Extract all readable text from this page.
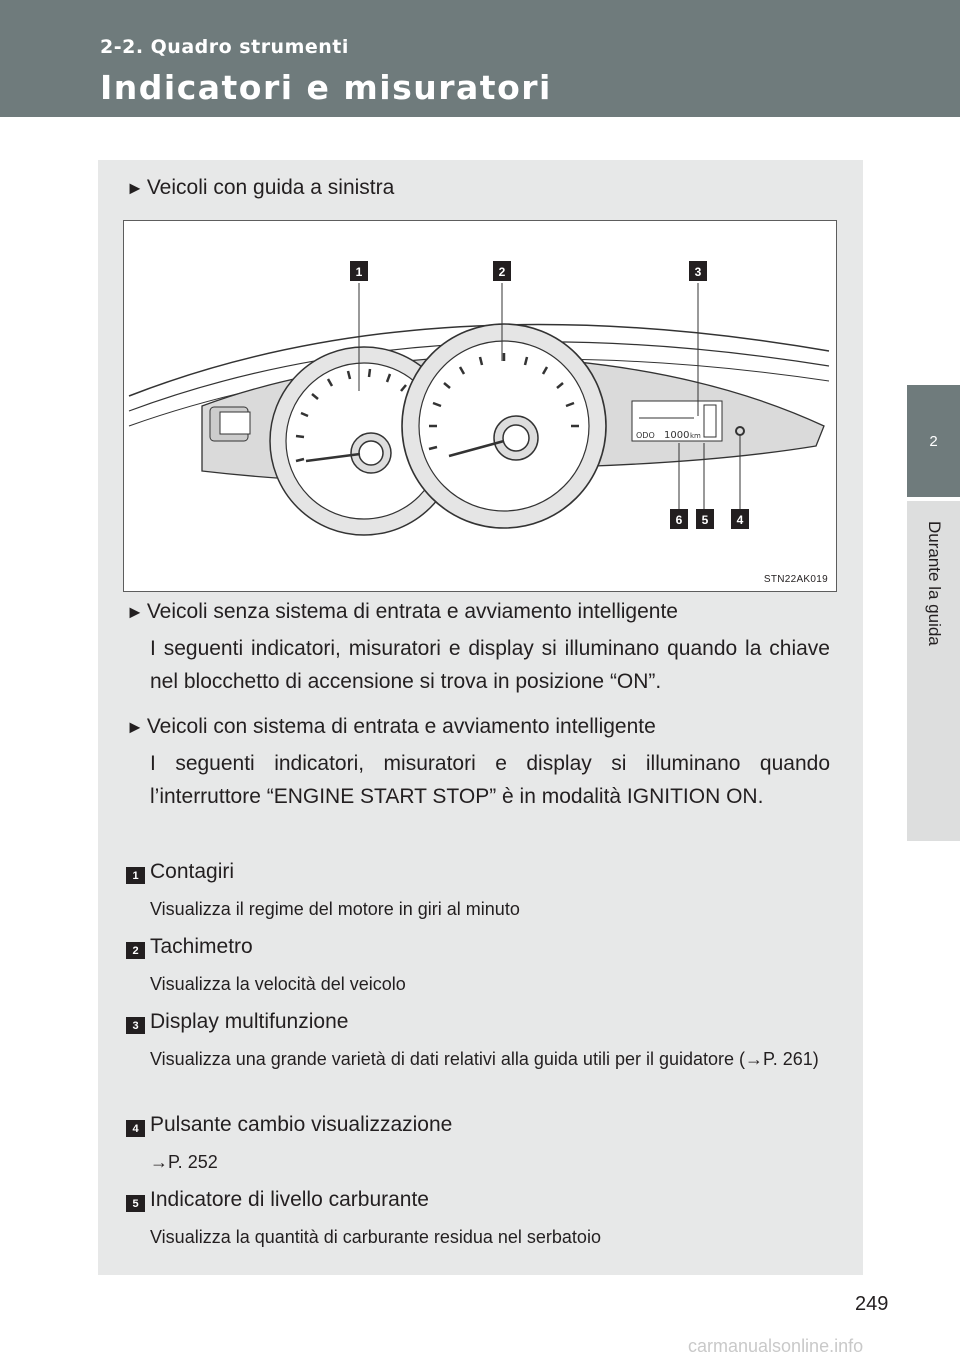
2-2. Quadro strumenti
Indicatori e misuratori
2
Durante la guida
► Veicoli con guida a sinistra
ODO 1000 km
1	2	3
6 5 4
STN22AK019
► Veicoli senza sistema di entrata e avviamento intelligente
I seguenti indicatori, misuratori e display si illuminano quando la chiave nel blocchetto di accensione si trova in posizione “ON”.
► Veicoli con sistema di entrata e avviamento intelligente
I seguenti indicatori, misuratori e display si illuminano quando l’interruttore “ENGINE START STOP” è in modalità IGNITION ON.
1 Contagiri
Visualizza il regime del motore in giri al minuto
2 Tachimetro
Visualizza la velocità del veicolo
3 Display multifunzione
Visualizza una grande varietà di dati relativi alla guida utili per il guidatore (→P. 261)
4 Pulsante cambio visualizzazione
→P. 252
5 Indicatore di livello carburante
Visualizza la quantità di carburante residua nel serbatoio
249
carmanualsonline.info
